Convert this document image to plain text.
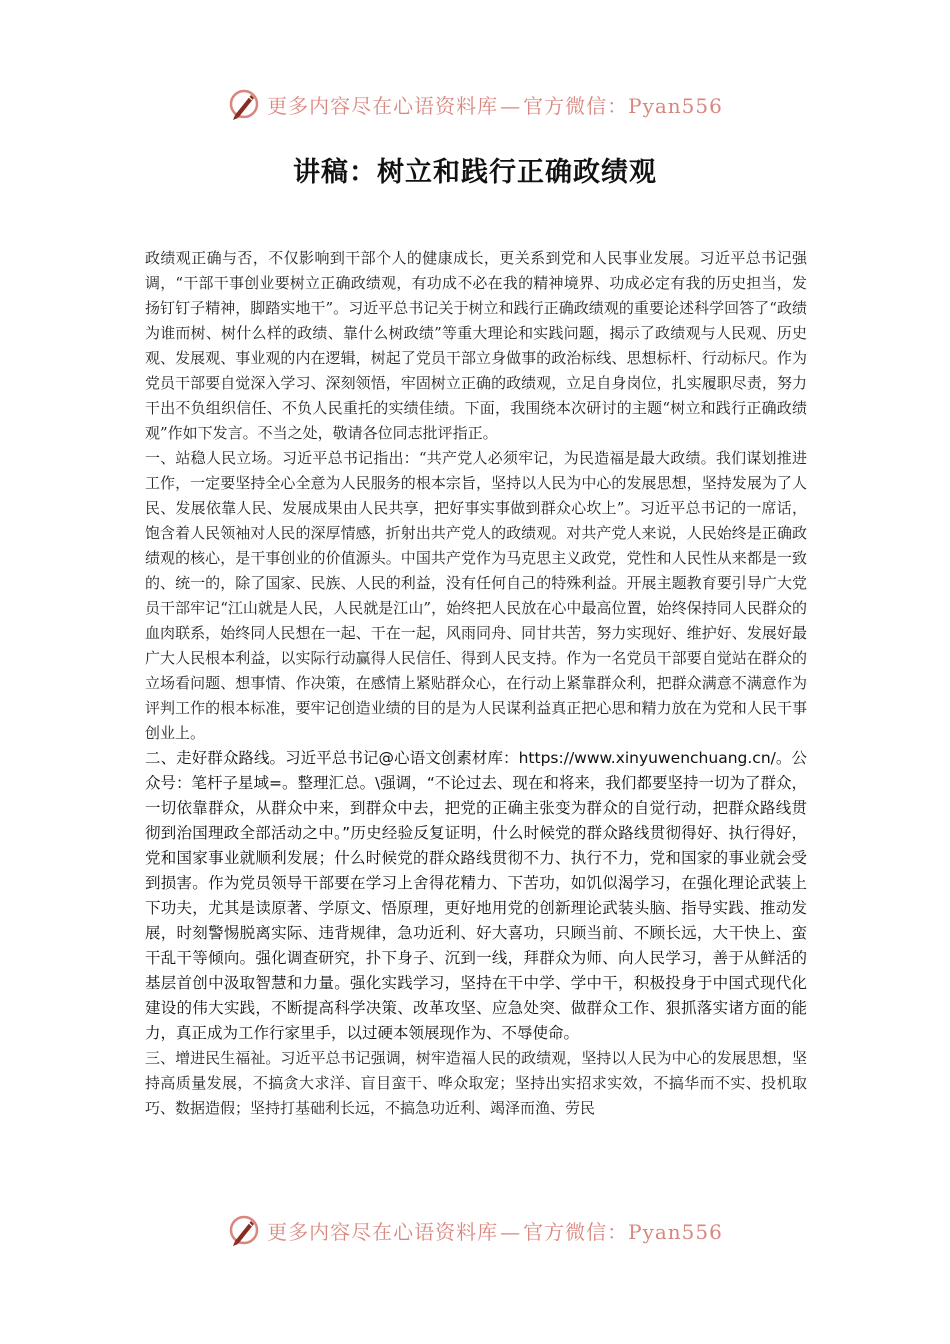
更多内容尽在心语资料库 — 官方微信：Pyan556
讲稿：树立和践行正确政绩观

政绩观正确与否，不仅影响到干部个人的健康成长，更关系到党和人民事业发展。习近平总书记强调，“干部干事创业要树立正确政绩观，有功成不必在我的精神境界、功成必定有我的历史担当，发扬钉钉子精神，脚踏实地干”。习近平总书记关于树立和践行正确政绩观的重要论述科学回答了“政绩为谁而树、树什么样的政绩、靠什么树政绩”等重大理论和实践问题，揭示了政绩观与人民观、历史观、发展观、事业观的内在逻辑，树起了党员干部立身做事的政治标线、思想标杆、行动标尺。作为党员干部要自觉深入学习、深刻领悟，牢固树立正确的政绩观，立足自身岗位，扎实履职尽责，努力干出不负组织信任、不负人民重托的实绩佳绩。下面，我围绕本次研讨的主题“树立和践行正确政绩观”作如下发言。不当之处，敬请各位同志批评指正。

一、站稳人民立场。习近平总书记指出：“共产党人必须牢记，为民造福是最大政绩。我们谋划推进工作，一定要坚持全心全意为人民服务的根本宗旨，坚持以人民为中心的发展思想，坚持发展为了人民、发展依靠人民、发展成果由人民共享，把好事实事做到群众心坎上”。习近平总书记的一席话，饱含着人民领袖对人民的深厚情感，折射出共产党人的政绩观。对共产党人来说，人民始终是正确政绩观的核心，是干事创业的价值源头。中国共产党作为马克思主义政党，党性和人民性从来都是一致的、统一的，除了国家、民族、人民的利益，没有任何自己的特殊利益。开展主题教育要引导广大党员干部牢记“江山就是人民，人民就是江山”，始终把人民放在心中最高位置，始终保持同人民群众的血肉联系，始终同人民想在一起、干在一起，风雨同舟、同甘共苦，努力实现好、维护好、发展好最广大人民根本利益，以实际行动赢得人民信任、得到人民支持。作为一名党员干部要自觉站在群众的立场看问题、想事情、作决策，在感情上紧贴群众心，在行动上紧靠群众利，把群众满意不满意作为评判工作的根本标准，要牢记创造业绩的目的是为人民谋利益真正把心思和精力放在为党和人民干事创业上。

二、走好群众路线。习近平总书记@心语文创素材库：https://www.xinyuwenchuang.cn/。公众号：笔杆子星域=。整理汇总。\强调，“不论过去、现在和将来，我们都要坚持一切为了群众，一切依靠群众，从群众中来，到群众中去，把党的正确主张变为群众的自觉行动，把群众路线贯彻到治国理政全部活动之中。”历史经验反复证明，什么时候党的群众路线贯彻得好、执行得好，党和国家事业就顺利发展；什么时候党的群众路线贯彻不力、执行不力，党和国家的事业就会受到损害。作为党员领导干部要在学习上舍得花精力、下苦功，如饥似渴学习，在强化理论武装上下功夫，尤其是读原著、学原文、悟原理，更好地用党的创新理论武装头脑、指导实践、推动发展，时刻警惕脱离实际、违背规律，急功近利、好大喜功，只顾当前、不顾长远，大干快上、蛮干乱干等倾向。强化调查研究，扑下身子、沉到一线，拜群众为师、向人民学习，善于从鲜活的基层首创中汲取智慧和力量。强化实践学习，坚持在干中学、学中干，积极投身于中国式现代化建设的伟大实践，不断提高科学决策、改革攻坚、应急处突、做群众工作、狠抓落实诸方面的能力，真正成为工作行家里手，以过硬本领展现作为、不辱使命。

三、增进民生福祉。习近平总书记强调，树牢造福人民的政绩观，坚持以人民为中心的发展思想，坚持高质量发展，不搞贪大求洋、盲目蛮干、哗众取宠；坚持出实招求实效，不搞华而不实、投机取巧、数据造假；坚持打基础利长远，不搞急功近利、竭泽而渔、劳民

更多内容尽在心语资料库 — 官方微信：Pyan556
